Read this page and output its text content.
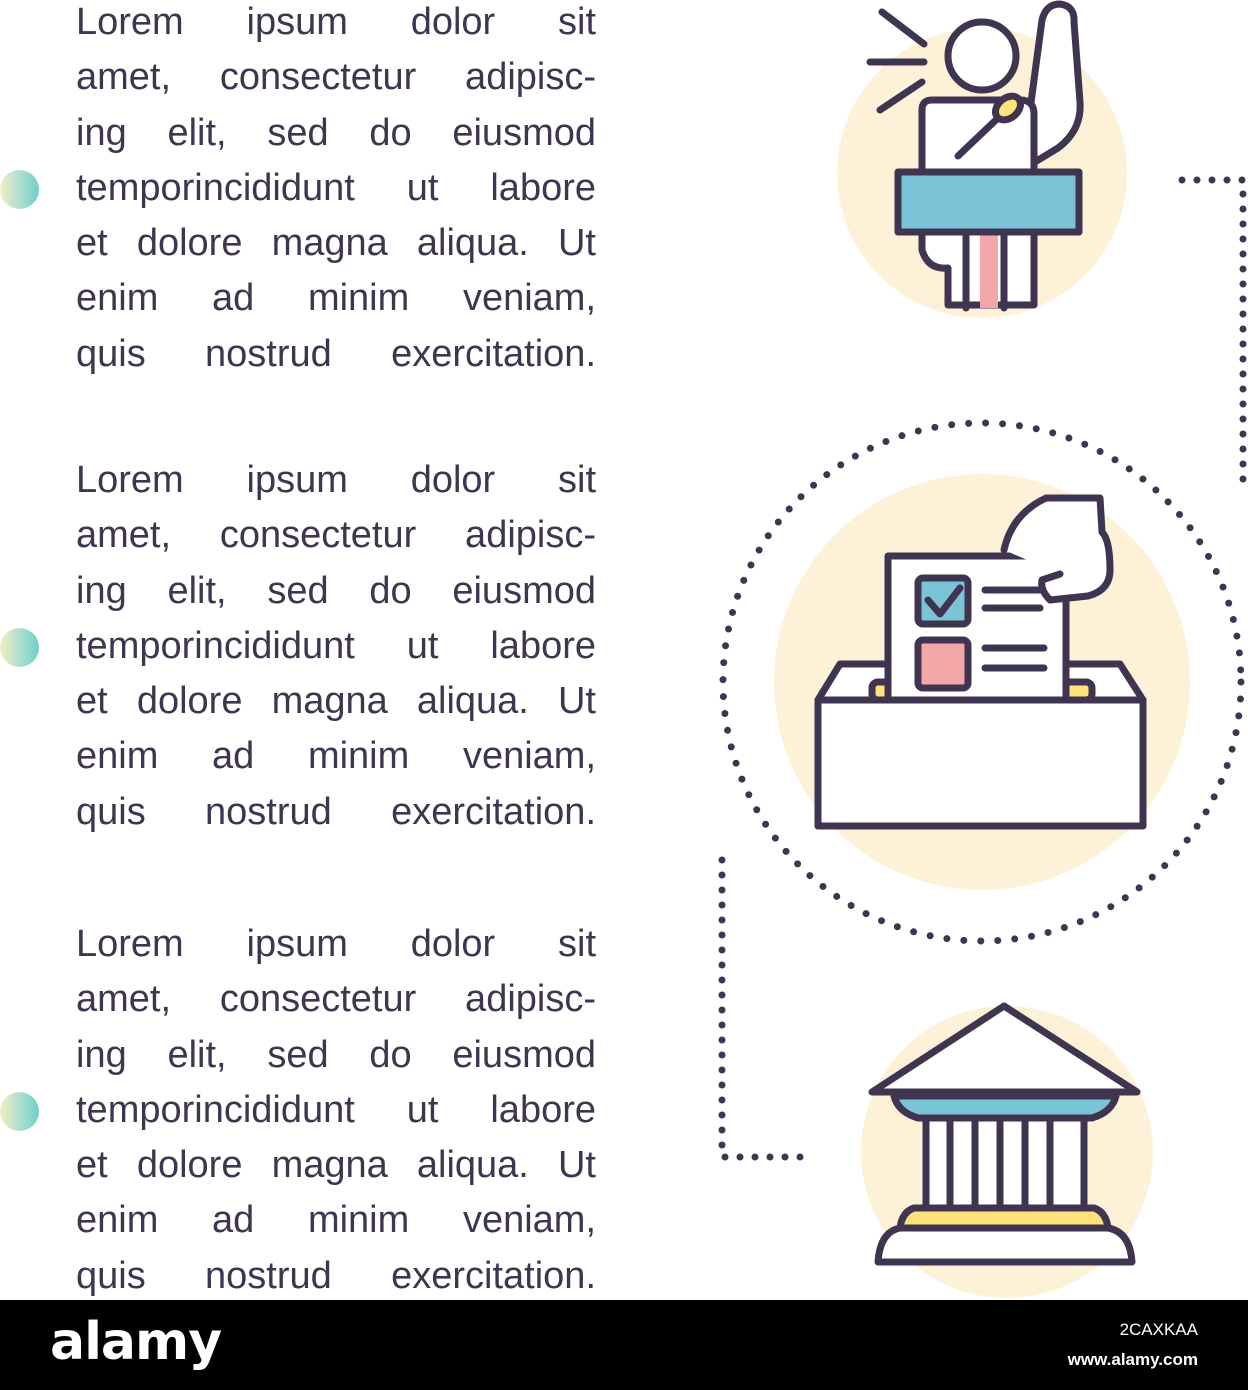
Lorem ipsum dolor sit
amet, consectetur adipisc-
ing elit, sed do eiusmod
temporincididunt ut labore
et dolore magna aliqua. Ut
enim ad minim veniam,
quis nostrud exercitation.
Lorem ipsum dolor sit
amet, consectetur adipisc-
ing elit, sed do eiusmod
temporincididunt ut labore
et dolore magna aliqua. Ut
enim ad minim veniam,
quis nostrud exercitation.
Lorem ipsum dolor sit
amet, consectetur adipisc-
ing elit, sed do eiusmod
temporincididunt ut labore
et dolore magna aliqua. Ut
enim ad minim veniam,
quis nostrud exercitation.
alamy	2CAXKAA
www.alamy.com
